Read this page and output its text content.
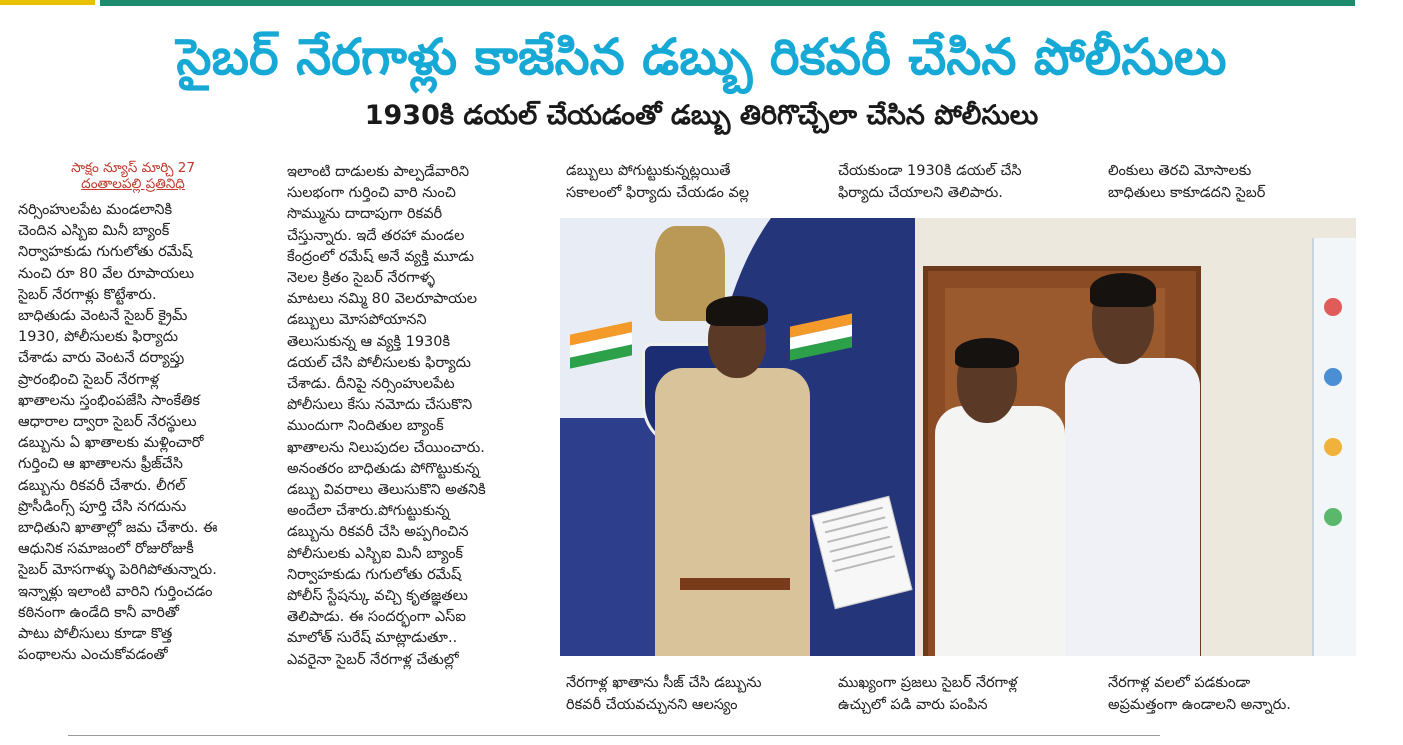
సైబర్ నేరగాళ్లు కాజేసిన డబ్బు రికవరీ చేసిన పోలీసులు
1930కి డయల్ చేయడంతో డబ్బు తిరిగొచ్చేలా చేసిన పోలీసులు
సాక్షం న్యూస్ మార్చి 27
దంతాలపల్లి ప్రతినిధి
నర్సింహులపేట మండలానికి
చెందిన ఎస్బిఐ మినీ బ్యాంక్
నిర్వాహకుడు గుగులోతు రమేష్
నుంచి రూ 80 వేల రూపాయలు
సైబర్ నేరగాళ్లు కొట్టేశారు.
బాధితుడు వెంటనే సైబర్ క్రైమ్
1930, పోలీసులకు ఫిర్యాదు
చేశాడు వారు వెంటనే దర్యాప్తు
ప్రారంభించి సైబర్ నేరగాళ్ల
ఖాతాలను స్తంభింపజేసి సాంకేతిక
ఆధారాల ద్వారా సైబర్ నేరస్థులు
డబ్బును ఏ ఖాతాలకు మళ్లించారో
గుర్తించి ఆ ఖాతాలను ఫ్రీజ్‌చేసి
డబ్బును రికవరీ చేశారు. లీగల్
ప్రొసీడింగ్స్ పూర్తి చేసి నగదును
బాధితుని ఖాతాల్లో జమ చేశారు. ఈ
ఆధునిక సమాజంలో రోజురోజుకీ
సైబర్ మోసగాళ్ళు పెరిగిపోతున్నారు.
ఇన్నాళ్లు ఇలాంటి వారిని గుర్తించడం
కఠినంగా ఉండేది కానీ వారితో
పాటు పోలీసులు కూడా కొత్త
పంథాలను ఎంచుకోవడంతో
ఇలాంటి దాడులకు పాల్పడేవారిని
సులభంగా గుర్తించి వారి నుంచి
సొమ్మును దాదాపుగా రికవరీ
చేస్తున్నారు. ఇదే తరహా మండల
కేంద్రంలో రమేష్ అనే వ్యక్తి మూడు
నెలల క్రితం సైబర్ నేరగాళ్ళ
మాటలు నమ్మి 80 వెలరూపాయల
డబ్బులు మోసపోయానని
తెలుసుకున్న ఆ వ్యక్తి 1930కి
డయల్ చేసి పోలీసులకు ఫిర్యాదు
చేశాడు. దీనిపై నర్సింహులపేట
పోలీసులు కేసు నమోదు చేసుకొని
ముందుగా నిందితుల బ్యాంక్
ఖాతాలను నిలుపుదల చేయించారు.
అనంతరం బాధితుడు పోగొట్టుకున్న
డబ్బు వివరాలు తెలుసుకొని అతనికి
అందేలా చేశారు.పోగుట్టుకున్న
డబ్బును రికవరీ చేసి అప్పగించిన
పోలీసులకు ఎస్బిఐ మినీ బ్యాంక్
నిర్వాహకుడు గుగులోతు రమేష్
పోలీస్ స్టేషన్కు వచ్చి కృతజ్ఞతలు
తెలిపాడు. ఈ సందర్భంగా ఎస్ఐ
మాలోత్ సురేష్ మాట్లాడుతూ..
ఎవరైనా సైబర్ నేరగాళ్ల చేతుల్లో
డబ్బులు పోగుట్టుకున్నట్లయితే
సకాలంలో ఫిర్యాదు చేయడం వల్ల
చేయకుండా 1930కి డయల్ చేసి
ఫిర్యాదు చేయాలని తెలిపారు.
లింకులు తెరచి మోసాలకు
బాధితులు కాకూడదని సైబర్
నేరగాళ్ల ఖాతాను సీజ్ చేసి డబ్బును
రికవరీ చేయవచ్చునని ఆలస్యం
ముఖ్యంగా ప్రజలు సైబర్ నేరగాళ్ల
ఉచ్చులో పడి వారు పంపిన
నేరగాళ్ల వలలో పడకుండా
అప్రమత్తంగా ఉండాలని అన్నారు.
